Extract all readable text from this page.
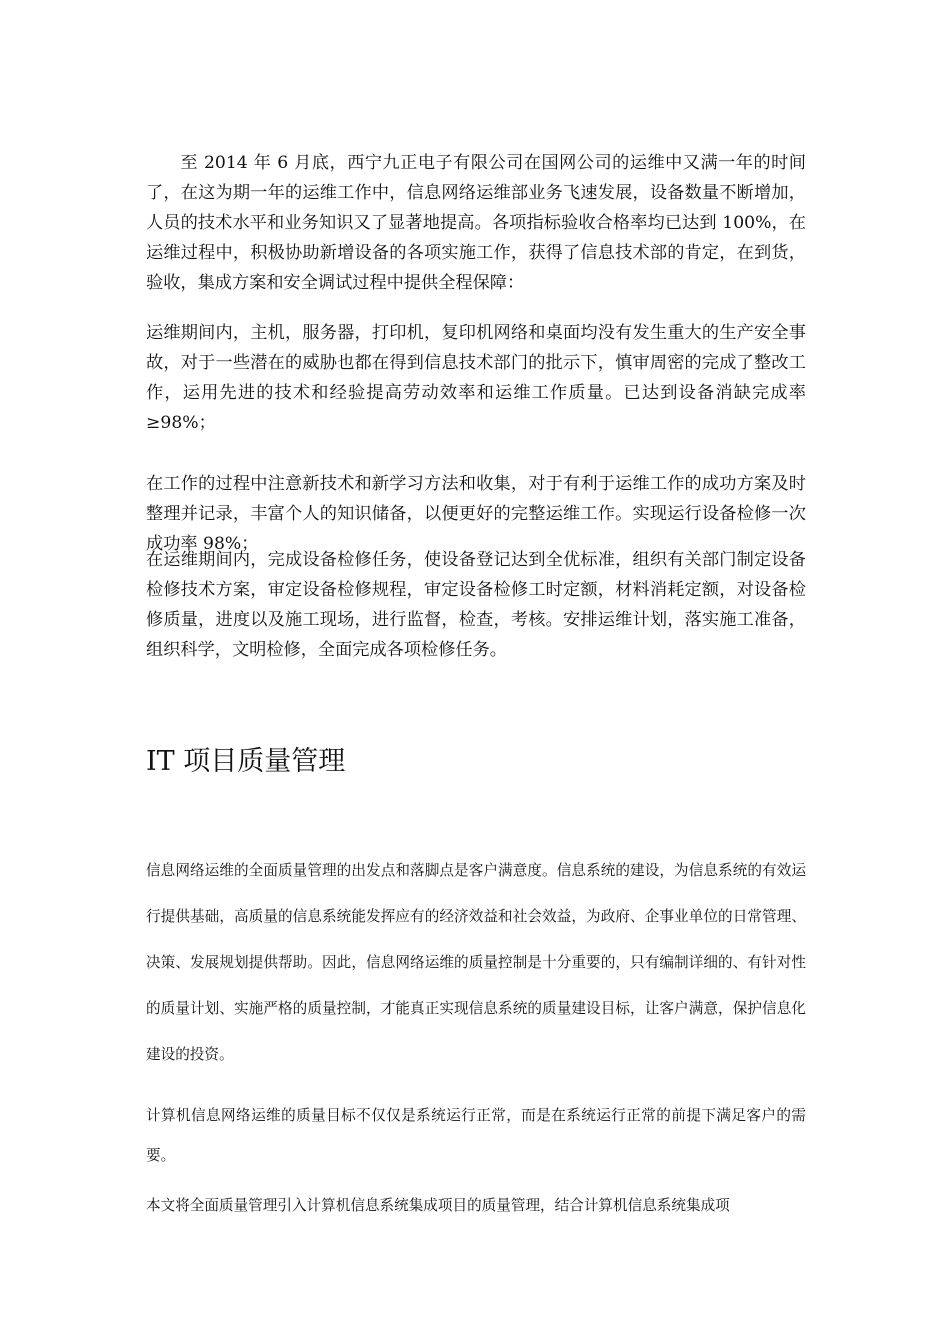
至 2014 年 6 月底，西宁九正电子有限公司在国网公司的运维中又满一年的时间了，在这为期一年的运维工作中，信息网络运维部业务飞速发展，设备数量不断增加，人员的技术水平和业务知识又了显著地提高。各项指标验收合格率均已达到 100%，在运维过程中，积极协助新增设备的各项实施工作，获得了信息技术部的肯定，在到货，验收，集成方案和安全调试过程中提供全程保障：

运维期间内，主机，服务器，打印机，复印机网络和桌面均没有发生重大的生产安全事故，对于一些潜在的威胁也都在得到信息技术部门的批示下，慎审周密的完成了整改工作，运用先进的技术和经验提高劳动效率和运维工作质量。已达到设备消缺完成率≥98%；

在工作的过程中注意新技术和新学习方法和收集，对于有利于运维工作的成功方案及时整理并记录，丰富个人的知识储备，以便更好的完整运维工作。实现运行设备检修一次成功率 98%；

在运维期间内，完成设备检修任务，使设备登记达到全优标准，组织有关部门制定设备检修技术方案，审定设备检修规程，审定设备检修工时定额，材料消耗定额，对设备检修质量，进度以及施工现场，进行监督，检查，考核。安排运维计划，落实施工准备，组织科学，文明检修，全面完成各项检修任务。

IT 项目质量管理

信息网络运维的全面质量管理的出发点和落脚点是客户满意度。信息系统的建设，为信息系统的有效运行提供基础，高质量的信息系统能发挥应有的经济效益和社会效益，为政府、企事业单位的日常管理、决策、发展规划提供帮助。因此，信息网络运维的质量控制是十分重要的，只有编制详细的、有针对性的质量计划、实施严格的质量控制，才能真正实现信息系统的质量建设目标，让客户满意，保护信息化建设的投资。

计算机信息网络运维的质量目标不仅仅是系统运行正常，而是在系统运行正常的前提下满足客户的需要。

本文将全面质量管理引入计算机信息系统集成项目的质量管理，结合计算机信息系统集成项
